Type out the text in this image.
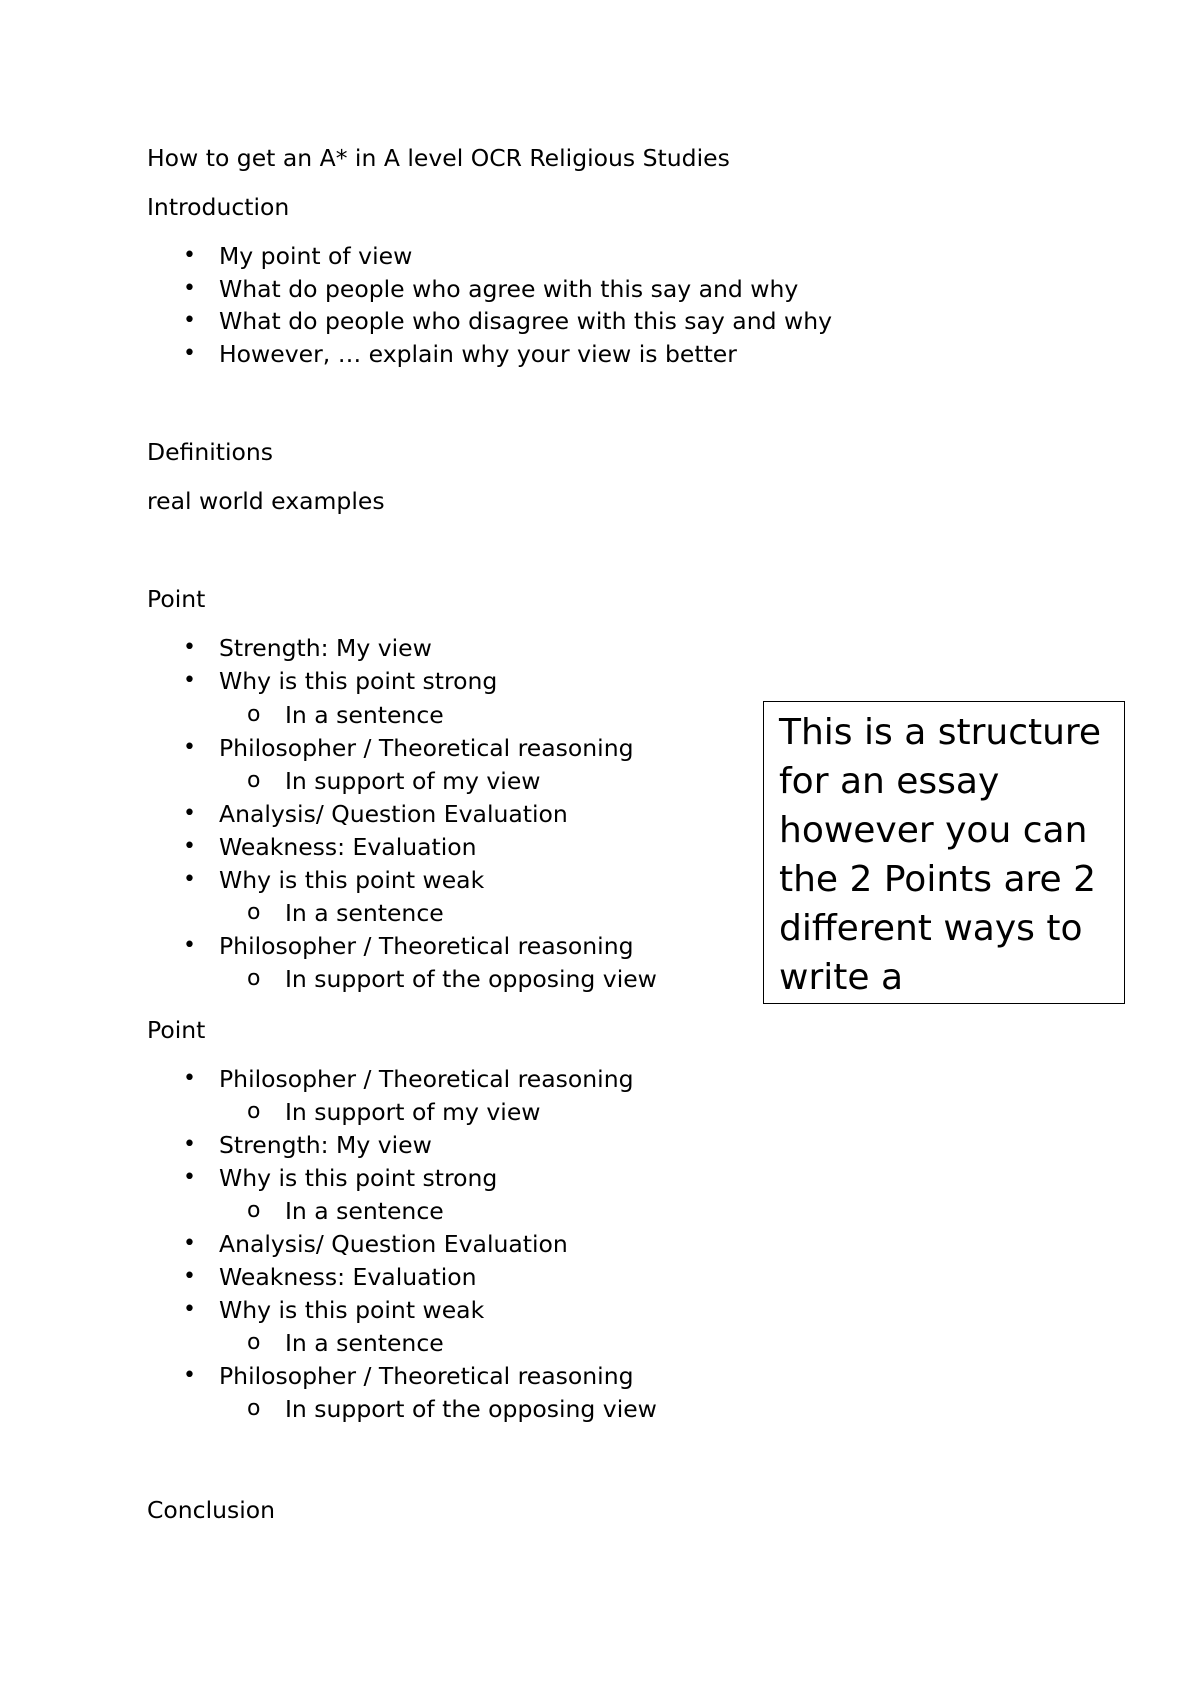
How to get an A* in A level OCR Religious Studies
Introduction
• My point of view
• What do people who agree with this say and why
• What do people who disagree with this say and why
• However, … explain why your view is better
Definitions
real world examples
Point
• Strength: My view
• Why is this point strong
o In a sentence
• Philosopher / Theoretical reasoning
o In support of my view
• Analysis/ Question Evaluation
• Weakness: Evaluation
• Why is this point weak
o In a sentence
• Philosopher / Theoretical reasoning
o In support of the opposing view
Point
• Philosopher / Theoretical reasoning
o In support of my view
• Strength: My view
• Why is this point strong
o In a sentence
• Analysis/ Question Evaluation
• Weakness: Evaluation
• Why is this point weak
o In a sentence
• Philosopher / Theoretical reasoning
o In support of the opposing view
Conclusion
This is a structure
for an essay
however you can
the 2 Points are 2
different ways to
write a
